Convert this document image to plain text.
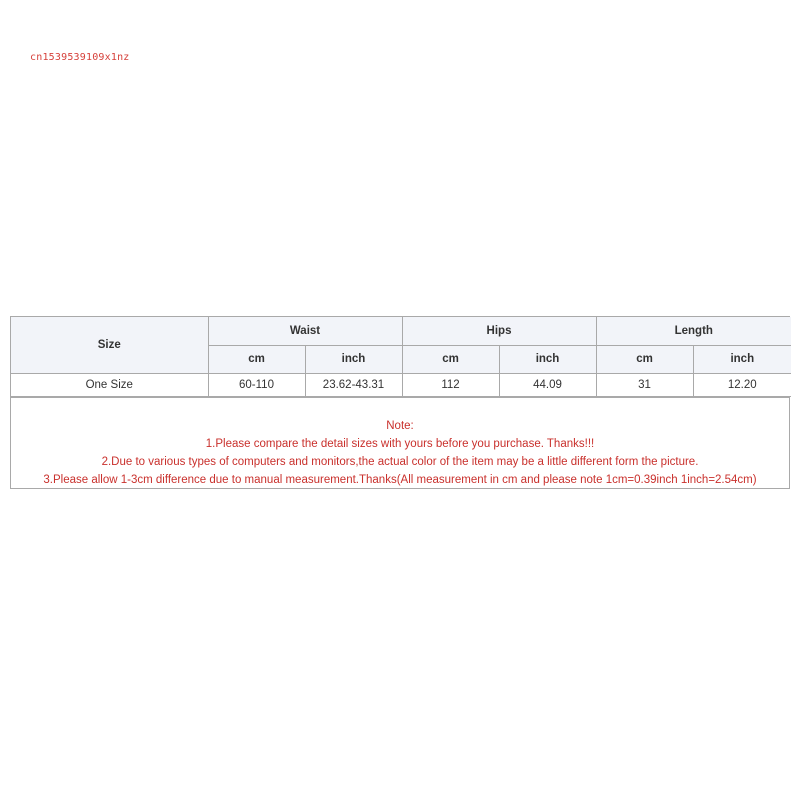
cn1539539109x1nz
Size	Waist		Hips		Length	
	cm	inch	cm	inch	cm	inch
One Size	60-110	23.62-43.31	112	44.09	31	12.20
Note:
1.Please compare the detail sizes with yours before you purchase. Thanks!!!
2.Due to various types of computers and monitors,the actual color of the item may be a little different form the picture.
3.Please allow 1-3cm difference due to manual measurement.Thanks(All measurement in cm and please note 1cm=0.39inch 1inch=2.54cm)
